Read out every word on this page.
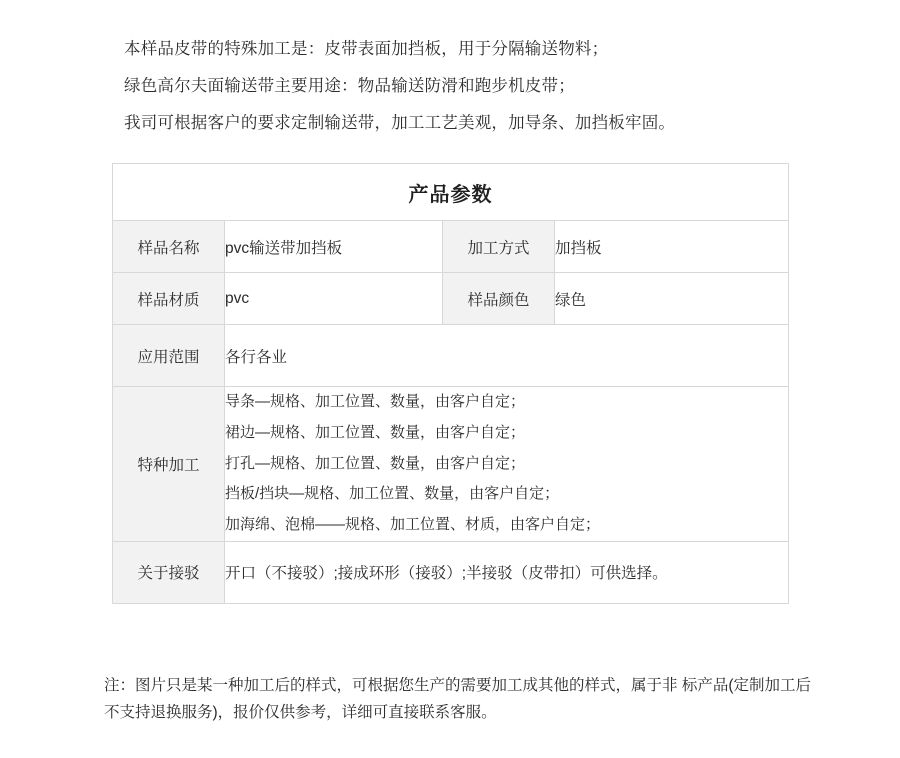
本样品皮带的特殊加工是：皮带表面加挡板，用于分隔输送物料；

绿色高尔夫面输送带主要用途：物品输送防滑和跑步机皮带；

我司可根据客户的要求定制输送带，加工工艺美观，加导条、加挡板牢固。

产品参数			
样品名称	pvc输送带加挡板	加工方式	加挡板
样品材质	pvc	样品颜色	绿色
应用范围	各行各业		
特种加工	导条—规格、加工位置、数量，由客户自定；
裙边—规格、加工位置、数量，由客户自定；
打孔—规格、加工位置、数量，由客户自定；
挡板/挡块—规格、加工位置、数量，由客户自定；
加海绵、泡棉——规格、加工位置、材质，由客户自定；		

关于接驳	开口（不接驳）;接成环形（接驳）;半接驳（皮带扣）可供选择。		
注：图片只是某一种加工后的样式，可根据您生产的需要加工成其他的样式，属于非 标产品(定制加工后不支持退换服务)，报价仅供参考，详细可直接联系客服。
